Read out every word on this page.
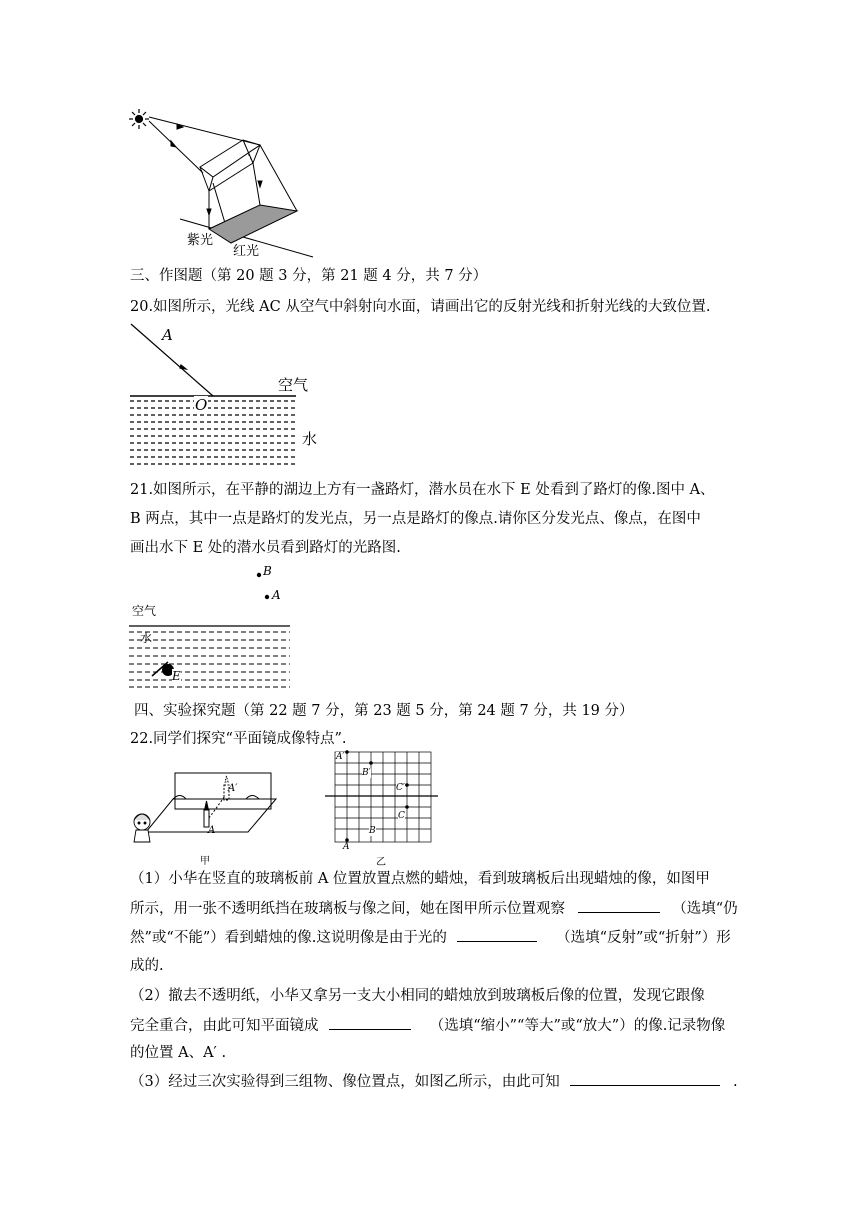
紫光
红光
三、作图题（第 20 题 3 分，第 21 题 4 分，共 7 分）
20.如图所示，光线 AC 从空气中斜射向水面，请画出它的反射光线和折射光线的大致位置.
A
O
空气
水
21.如图所示，在平静的湖边上方有一盏路灯，潜水员在水下 E 处看到了路灯的像.图中 A、
B 两点，其中一点是路灯的发光点，另一点是路灯的像点.请你区分发光点、像点，在图中
画出水下 E 处的潜水员看到路灯的光路图.
B
A
空气
水
E
四、实验探究题（第 22 题 7 分，第 23 题 5 分，第 24 题 7 分，共 19 分）
22.同学们探究“平面镜成像特点”.
A′
A
甲
A′
B′
C′
C
B
A
乙
（1）小华在竖直的玻璃板前 A 位置放置点燃的蜡烛，看到玻璃板后出现蜡烛的像，如图甲
所示，用一张不透明纸挡在玻璃板与像之间，她在图甲所示位置观察	（选填“仍
然”或“不能”）看到蜡烛的像.这说明像是由于光的	（选填“反射”或“折射”）形
成的.
（2）撤去不透明纸，小华又拿另一支大小相同的蜡烛放到玻璃板后像的位置，发现它跟像
完全重合，由此可知平面镜成	（选填“缩小”“等大”或“放大”）的像.记录物像
的位置 A、A′ .
（3）经过三次实验得到三组物、像位置点，如图乙所示，由此可知	.
